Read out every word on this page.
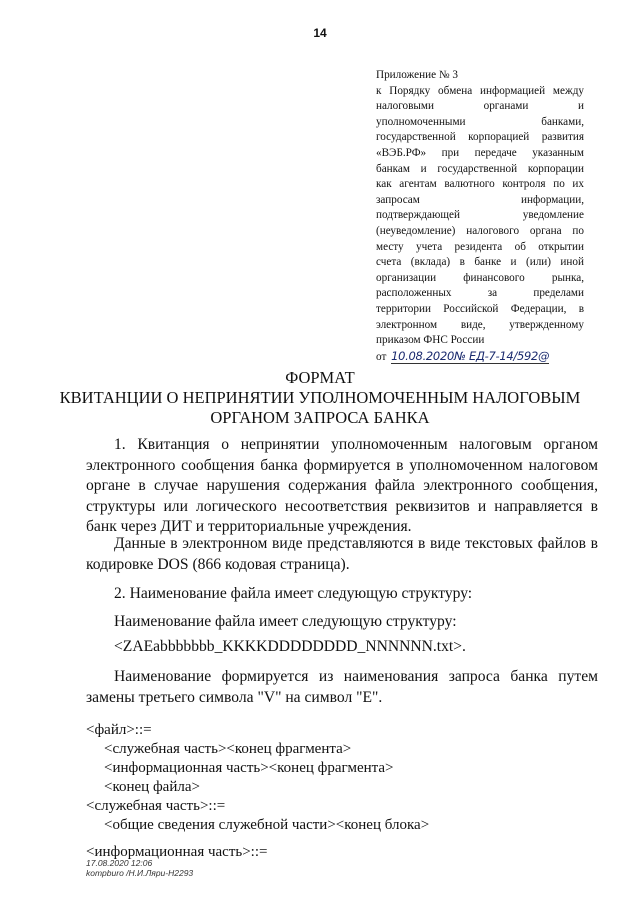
14
Приложение № 3
к Порядку обмена информацией между
налоговыми	органами	и
уполномоченными	банками,
государственной корпорацией развития
«ВЭБ.РФ» при передаче указанным
банкам и государственной корпорации
как агентам валютного контроля по их
запросам	информации,
подтверждающей	уведомление
(неуведомление) налогового органа по
месту учета резидента об открытии
счета (вклада) в банке и (или) иной
организации финансового рынка,
расположенных	за	пределами
территории Российской Федерации, в
электронном виде, утвержденному
приказом ФНС России
от 10.08.2020№ ЕД-7-14/592@
ФОРМАТ
КВИТАНЦИИ О НЕПРИНЯТИИ УПОЛНОМОЧЕННЫМ НАЛОГОВЫМ
ОРГАНОМ ЗАПРОСА БАНКА
1. Квитанция о непринятии уполномоченным налоговым органом электронного сообщения банка формируется в уполномоченном налоговом органе в случае нарушения содержания файла электронного сообщения, структуры или логического несоответствия реквизитов и направляется в банк через ДИТ и территориальные учреждения.
Данные в электронном виде представляются в виде текстовых файлов в кодировке DOS (866 кодовая страница).
2. Наименование файла имеет следующую структуру:
Наименование файла имеет следующую структуру:
<ZAEabbbbbbb_KKKKDDDDDDDD_NNNNNN.txt>.
Наименование формируется из наименования запроса банка путем замены третьего символа "V" на символ "E".
<файл>::=
<служебная часть><конец фрагмента>
<информационная часть><конец фрагмента>
<конец файла>
<служебная часть>::=
<общие сведения служебной части><конец блока>
<информационная часть>::=
17.08.2020 12:06
kompburo /Н.И.Ляри-Н2293
